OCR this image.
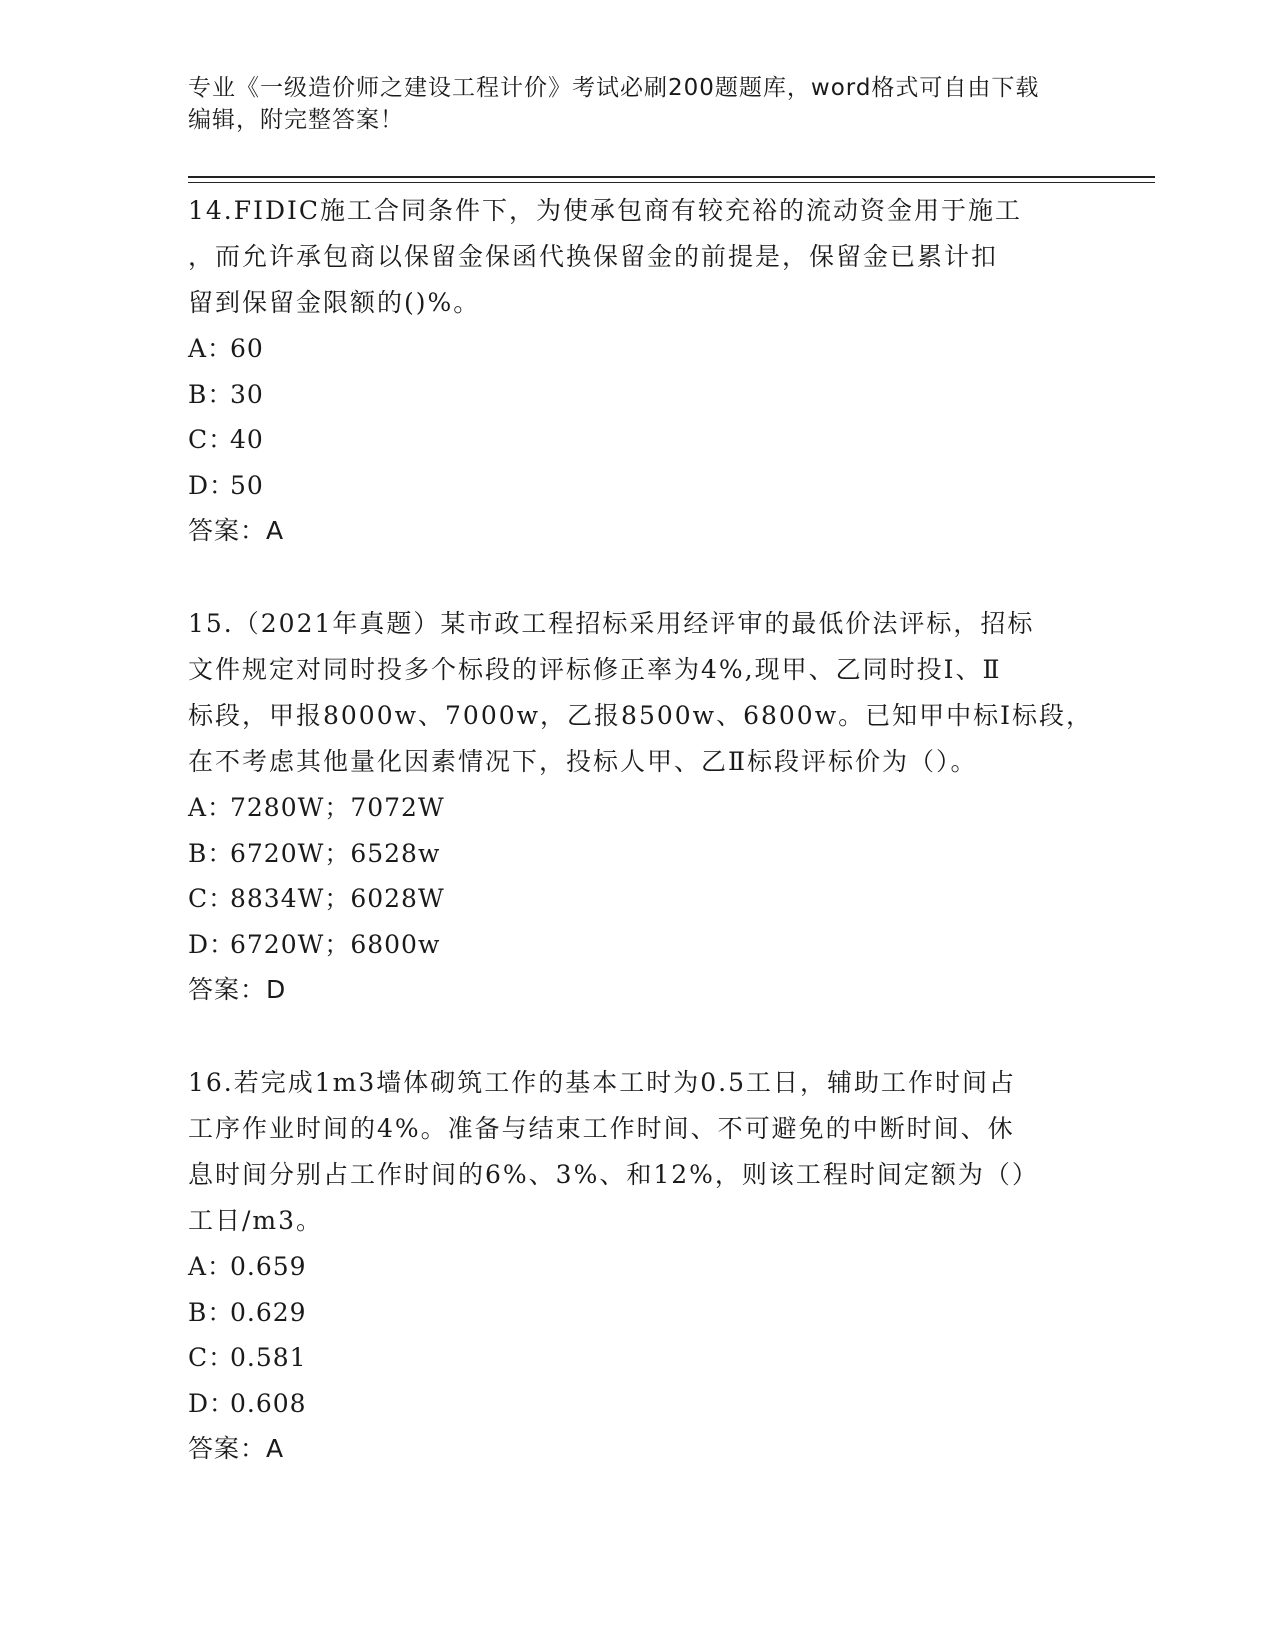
专业《一级造价师之建设工程计价》考试必刷200题题库，word格式可自由下载
编辑，附完整答案！
14.FIDIC施工合同条件下，为使承包商有较充裕的流动资金用于施工
，而允许承包商以保留金保函代换保留金的前提是，保留金已累计扣
留到保留金限额的()%。
A：60
B：30
C：40
D：50
答案：A
15.（2021年真题）某市政工程招标采用经评审的最低价法评标，招标
文件规定对同时投多个标段的评标修正率为4%,现甲、乙同时投Ⅰ、Ⅱ
标段，甲报8000w、7000w，乙报8500w、6800w。已知甲中标Ⅰ标段，
在不考虑其他量化因素情况下，投标人甲、乙Ⅱ标段评标价为（）。
A：7280W；7072W
B：6720W；6528w
C：8834W；6028W
D：6720W；6800w
答案：D
16.若完成1m3墙体砌筑工作的基本工时为0.5工日，辅助工作时间占
工序作业时间的4%。准备与结束工作时间、不可避免的中断时间、休
息时间分别占工作时间的6%、3%、和12%，则该工程时间定额为（）
工日/m3。
A：0.659
B：0.629
C：0.581
D：0.608
答案：A
